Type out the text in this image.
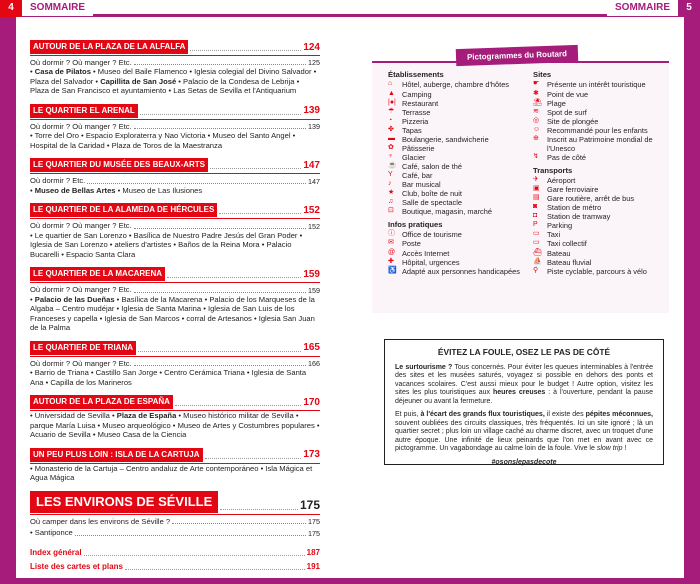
4	SOMMAIRE	SOMMAIRE	5
AUTOUR DE LA PLAZA DE LA ALFALFA	124
Où dormir ? Où manger ? Etc.	125
• Casa de Pilatos • Museo del Baile Flamenco • Iglesia colegial del Divino Salvador • Plaza del Salvador • Capillita de San José • Palacio de la Condesa de Lebrija • Plaza de San Francisco et ayuntamiento • Las Setas de Sevilla et l'Antiquarium
LE QUARTIER EL ARENAL	139
Où dormir ? Où manger ? Etc.	139
• Torre del Oro • Espacio Exploraterra y Nao Victoria • Museo del Santo Angel • Hospital de la Caridad • Plaza de Toros de la Maestranza
LE QUARTIER DU MUSÉE DES BEAUX-ARTS	147
Où dormir ? Etc.	147
• Museo de Bellas Artes • Museo de Las Ilusiones
LE QUARTIER DE LA ALAMEDA DE HÉRCULES	152
Où dormir ? Où manger ? Etc.	152
• Le quartier de San Lorenzo • Basílica de Nuestro Padre Jesús del Gran Poder • Iglesia de San Lorenzo • ateliers d'artistes • Baños de la Reina Mora • Palacio Bucarelli • Espacio Santa Clara
LE QUARTIER DE LA MACARENA	159
Où dormir ? Où manger ? Etc.	159
• Palacio de las Dueñas • Basílica de la Macarena • Palacio de los Marqueses de la Algaba – Centro mudéjar • Iglesia de Santa Marina • Iglesia de San Luis de los Franceses y capella • Iglesia de San Marcos • corral de Artesanos • Iglesia San Juan de la Palma
LE QUARTIER DE TRIANA	165
Où dormir ? Où manger ? Etc.	166
• Barrio de Triana • Castillo San Jorge • Centro Cerámica Triana • Iglesia de Santa Ana • Capilla de los Marineros
AUTOUR DE LA PLAZA DE ESPAÑA	170
• Universidad de Sevilla • Plaza de España • Museo histórico militar de Sevilla • parque María Luisa • Museo arqueológico • Museo de Artes y Costumbres populares • Acuario de Sevilla • Museo Casa de la Ciencia
UN PEU PLUS LOIN : ISLA DE LA CARTUJA	173
• Monasterio de la Cartuja – Centro andaluz de Arte contemporáneo • Isla Mágica et Agua Mágica
LES ENVIRONS DE SÉVILLE	175
Où camper dans les environs de Séville ?	175
• Santiponce	175
Index général	187
Liste des cartes et plans	191
Pictogrammes du Routard
Établissements
⌂	Hôtel, auberge, chambre d'hôtes
▲ Camping
|●| Restaurant
☂	Terrasse
◔	Pizzeria
✤	Tapas
▬ Boulangerie, sandwicherie
✿	Pâtisserie
♆	Glacier
☕ Café, salon de thé
Y	Café, bar
♪	Bar musical
★	Club, boîte de nuit
♫	Salle de spectacle
⊡	Boutique, magasin, marché
Infos pratiques
ⓘ Office de tourisme
✉	Poste
@ Accès Internet
✚	Hôpital, urgences
♿ Adapté aux personnes handicapées
Sites
☛	Présente un intérêt touristique
✱	Point de vue
⛱ Plage
≋	Spot de surf
◎	Site de plongée
☺ Recommandé pour les enfants
⊕	Inscrit au Patrimoine mondial de l'Unesco
↯	Pas de côté
Transports
✈	Aéroport
▣ Gare ferroviaire
▤ Gare routière, arrêt de bus
◙	Station de métro
◘	Station de tramway
P	Parking
▭ Taxi
▭ Taxi collectif
⛴ Bateau
⛵ Bateau fluvial
⚲	Piste cyclable, parcours à vélo
ÉVITEZ LA FOULE, OSEZ LE PAS DE CÔTÉ

Le surtourisme ? Tous concernés. Pour éviter les queues interminables à l'entrée des sites et les musées saturés, voyagez si possible en dehors des ponts et vacances scolaires. C'est aussi mieux pour le budget ! Autre option, visitez les sites les plus touristiques aux heures creuses : à l'ouverture, pendant la pause déjeuner ou avant la fermeture.

Et puis, à l'écart des grands flux touristiques, il existe des pépites méconnues, souvent oubliées des circuits classiques, très fréquentés. Ici un site ignoré ; là un quartier secret ; plus loin un village caché au charme discret, avec un troquet d'une autre époque. Une infinité de lieux peinards que l'on met en avant avec ce pictogramme. Un vagabondage au calme loin de la foule. Vive le slow trip !

#osonslepasdecote
